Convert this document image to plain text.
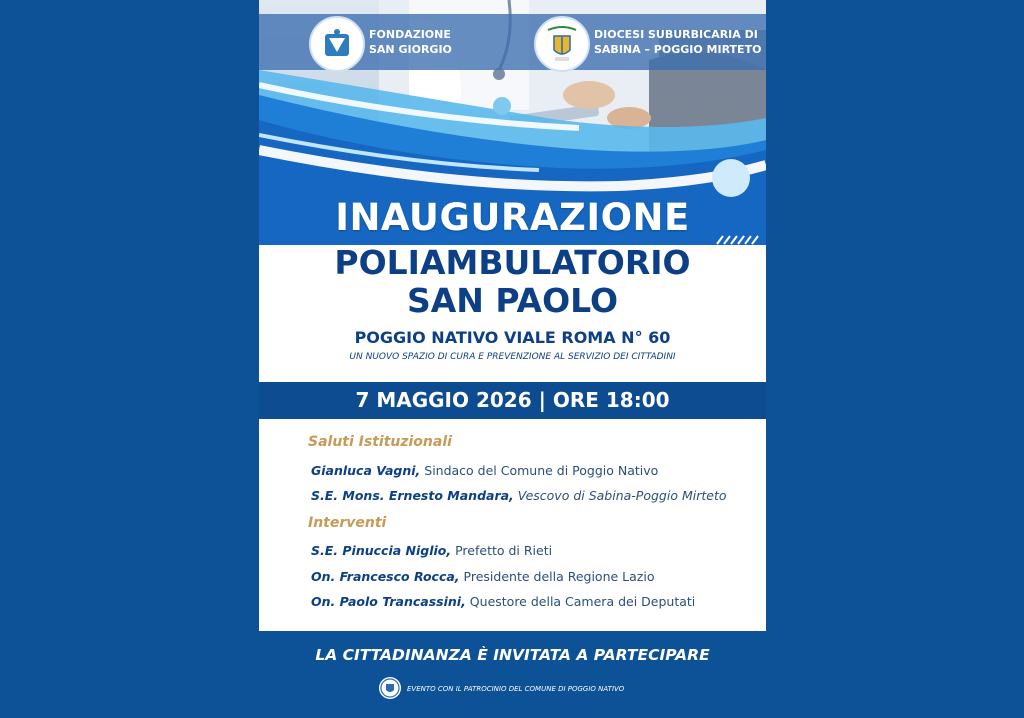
FONDAZIONE
SAN GIORGIO
DIOCESI SUBURBICARIA DI
SABINA – POGGIO MIRTETO
INAUGURAZIONE
POLIAMBULATORIO
SAN PAOLO
POGGIO NATIVO VIALE ROMA N° 60
UN NUOVO SPAZIO DI CURA E PREVENZIONE AL SERVIZIO DEI CITTADINI
7 MAGGIO 2026 | ORE 18:00
Saluti Istituzionali
Gianluca Vagni, Sindaco del Comune di Poggio Nativo
S.E. Mons. Ernesto Mandara, Vescovo di Sabina-Poggio Mirteto
Interventi
S.E. Pinuccia Niglio, Prefetto di Rieti
On. Francesco Rocca, Presidente della Regione Lazio
On. Paolo Trancassini, Questore della Camera dei Deputati
LA CITTADINANZA È INVITATA A PARTECIPARE
EVENTO CON IL PATROCINIO DEL COMUNE DI POGGIO NATIVO
